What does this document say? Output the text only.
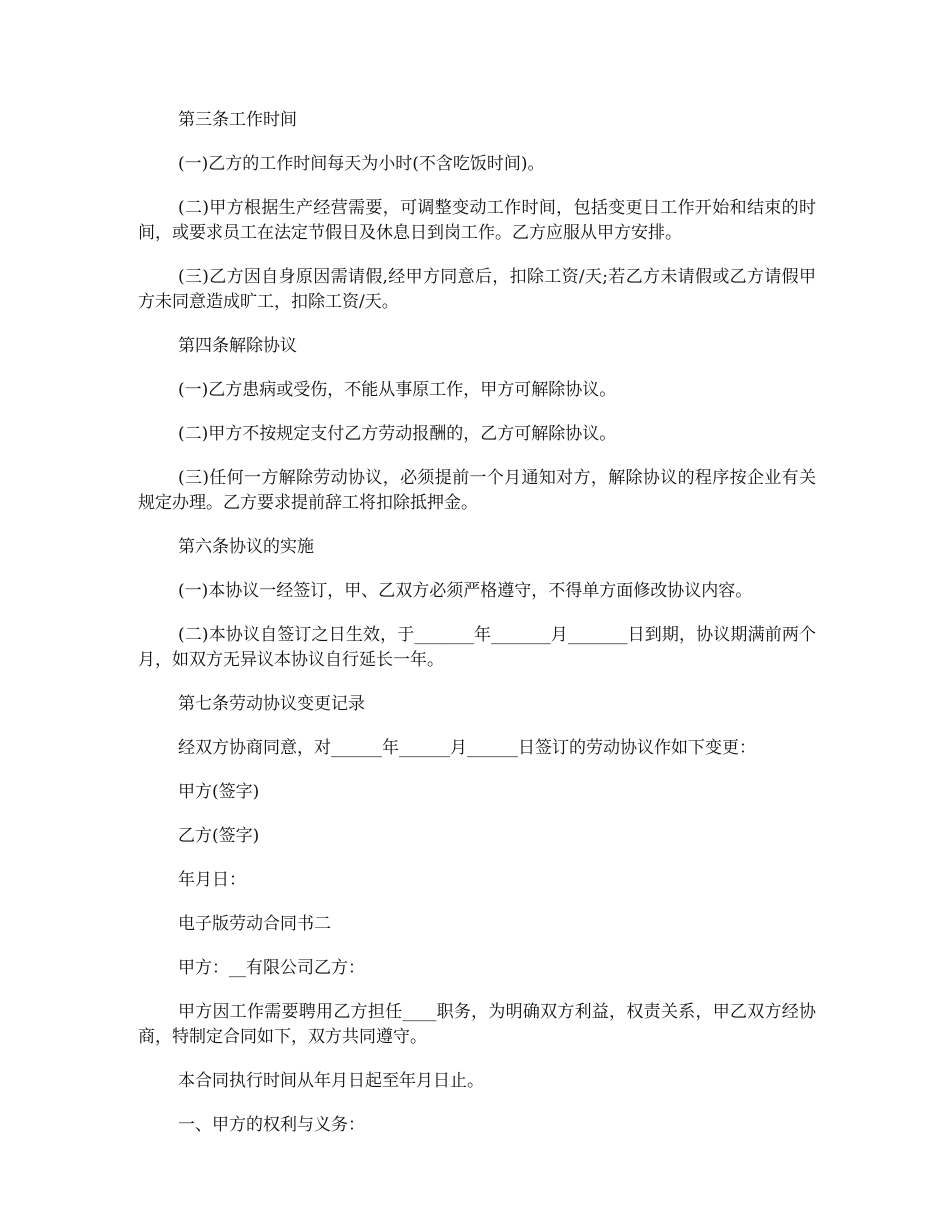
第三条工作时间

(一)乙方的工作时间每天为小时(不含吃饭时间)。

(二)甲方根据生产经营需要，可调整变动工作时间，包括变更日工作开始和结束的时间，或要求员工在法定节假日及休息日到岗工作。乙方应服从甲方安排。

(三)乙方因自身原因需请假,经甲方同意后，扣除工资/天;若乙方未请假或乙方请假甲方未同意造成旷工，扣除工资/天。

第四条解除协议

(一)乙方患病或受伤，不能从事原工作，甲方可解除协议。

(二)甲方不按规定支付乙方劳动报酬的，乙方可解除协议。

(三)任何一方解除劳动协议，必须提前一个月通知对方，解除协议的程序按企业有关规定办理。乙方要求提前辞工将扣除抵押金。

第六条协议的实施

(一)本协议一经签订，甲、乙双方必须严格遵守，不得单方面修改协议内容。

(二)本协议自签订之日生效，于_______年_______月_______日到期，协议期满前两个月，如双方无异议本协议自行延长一年。

第七条劳动协议变更记录

经双方协商同意，对______年______月______日签订的劳动协议作如下变更：

甲方(签字)

乙方(签字)

年月日：

电子版劳动合同书二

甲方：__有限公司乙方：

甲方因工作需要聘用乙方担任____职务，为明确双方利益，权责关系，甲乙双方经协商，特制定合同如下，双方共同遵守。

本合同执行时间从年月日起至年月日止。

一、甲方的权利与义务：
